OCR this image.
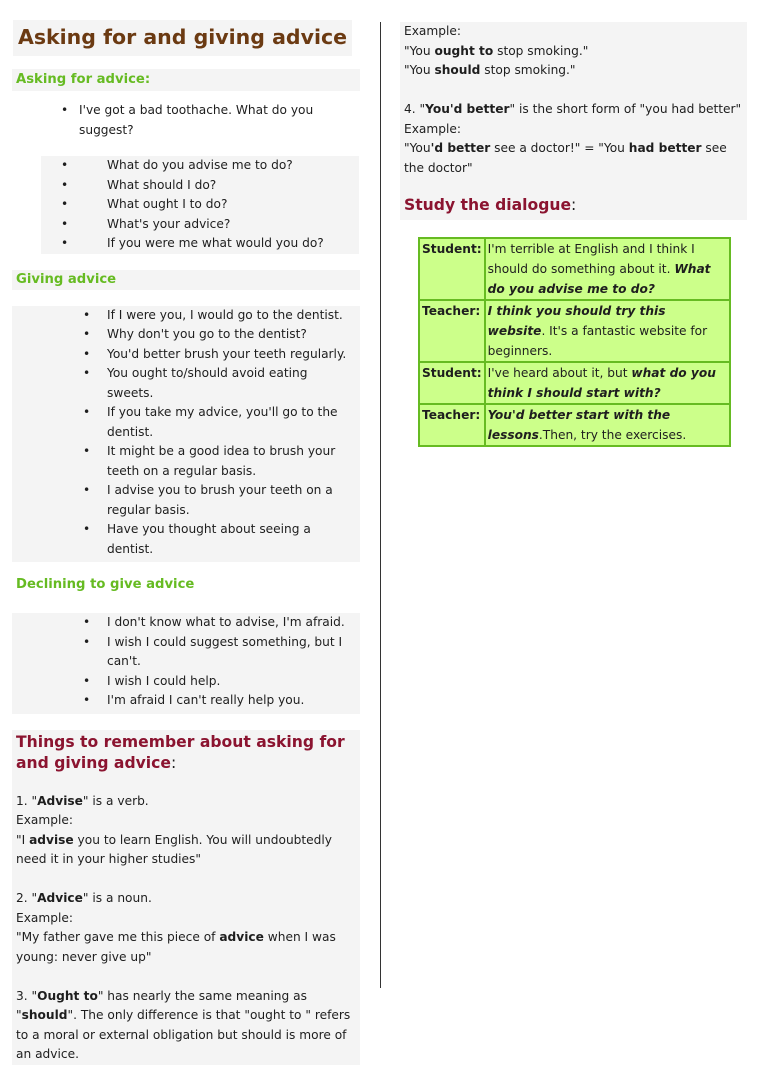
Asking for and giving advice
Asking for advice:
• I've got a bad toothache. What do you suggest?
• What do you advise me to do?
• What should I do?
• What ought I to do?
• What's your advice?
• If you were me what would you do?
Giving advice
• If I were you, I would go to the dentist.
• Why don't you go to the dentist?
• You'd better brush your teeth regularly.
• You ought to/should avoid eating sweets.
• If you take my advice, you'll go to the dentist.
• It might be a good idea to brush your teeth on a regular basis.
• I advise you to brush your teeth on a regular basis.
• Have you thought about seeing a dentist.
Declining to give advice
• I don't know what to advise, I'm afraid.
• I wish I could suggest something, but I can't.
• I wish I could help.
• I'm afraid I can't really help you.
Things to remember about asking for and giving advice:

1. "Advise" is a verb.

Example:

"I advise you to learn English. You will undoubtedly need it in your higher studies"

2. "Advice" is a noun.

Example:

"My father gave me this piece of advice when I was young: never give up"

3. "Ought to" has nearly the same meaning as "should". The only difference is that "ought to " refers to a moral or external obligation but should is more of an advice.

Example:

"You ought to stop smoking."

"You should stop smoking."

4. "You'd better" is the short form of "you had better"

Example:

"You'd better see a doctor!" = "You had better see the doctor"

Study the dialogue:
Student:	I'm terrible at English and I think I should do something about it. What do you advise me to do?
Teacher:	I think you should try this website. It's a fantastic website for beginners.
Student:	I've heard about it, but what do you think I should start with?
Teacher:	You'd better start with the lessons.Then, try the exercises.
